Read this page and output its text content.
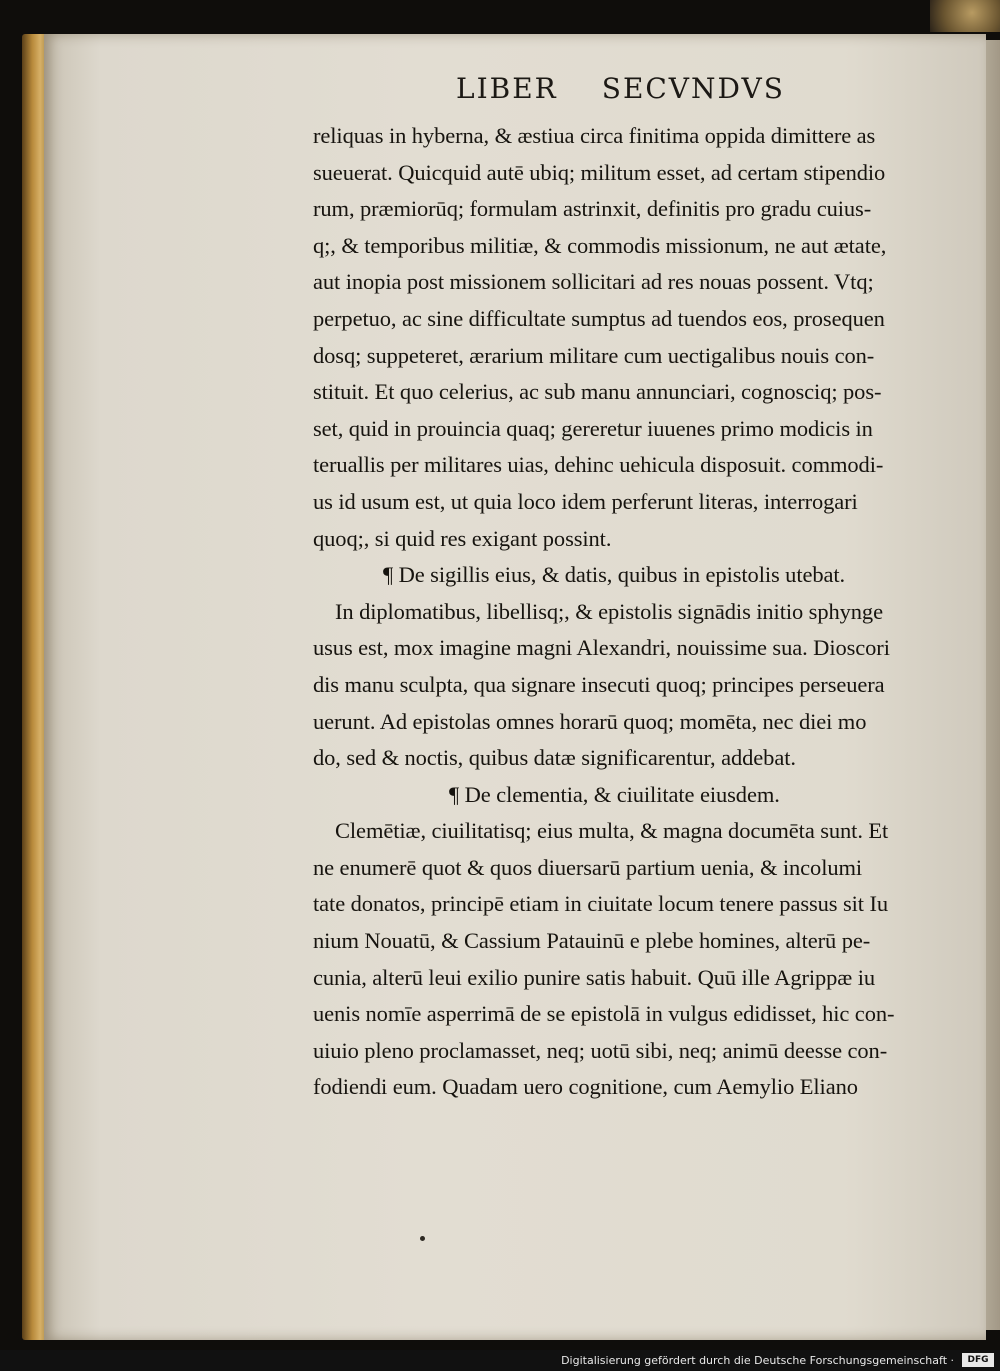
LIBER SECVNDVS
reliquas in hyberna, & æstiua circa finitima oppida dimittere as
sueuerat. Quicquid autē ubiq; militum esset, ad certam stipendio
rum, præmiorūq; formulam astrinxit, definitis pro gradu cuius-
q;, & temporibus militiæ, & commodis missionum, ne aut ætate,
aut inopia post missionem sollicitari ad res nouas possent. Vtq;
perpetuo, ac sine difficultate sumptus ad tuendos eos, prosequen
dosq; suppeteret, ærarium militare cum uectigalibus nouis con-
stituit. Et quo celerius, ac sub manu annunciari, cognosciq; pos-
set, quid in prouincia quaq; gereretur iuuenes primo modicis in
teruallis per militares uias, dehinc uehicula disposuit. commodi-
us id usum est, ut quia loco idem perferunt literas, interrogari
quoq;, si quid res exigant possint.
¶ De sigillis eius, & datis, quibus in epistolis utebat.
In diplomatibus, libellisq;, & epistolis signādis initio sphynge
usus est, mox imagine magni Alexandri, nouissime sua. Dioscori
dis manu sculpta, qua signare insecuti quoq; principes perseuera
uerunt. Ad epistolas omnes horarū quoq; momēta, nec diei mo
do, sed & noctis, quibus datæ significarentur, addebat.
¶ De clementia, & ciuilitate eiusdem.
Clemētiæ, ciuilitatisq; eius multa, & magna documēta sunt. Et
ne enumerē quot & quos diuersarū partium uenia, & incolumi
tate donatos, principē etiam in ciuitate locum tenere passus sit Iu
nium Nouatū, & Cassium Patauinū e plebe homines, alterū pe-
cunia, alterū leui exilio punire satis habuit. Quū ille Agrippæ iu
uenis nomīe asperrimā de se epistolā in vulgus edidisset, hic con-
uiuio pleno proclamasset, neq; uotū sibi, neq; animū deesse con-
fodiendi eum. Quadam uero cognitione, cum Aemylio Eliano
Digitalisierung gefördert durch die Deutsche Forschungsgemeinschaft ·	DFG
